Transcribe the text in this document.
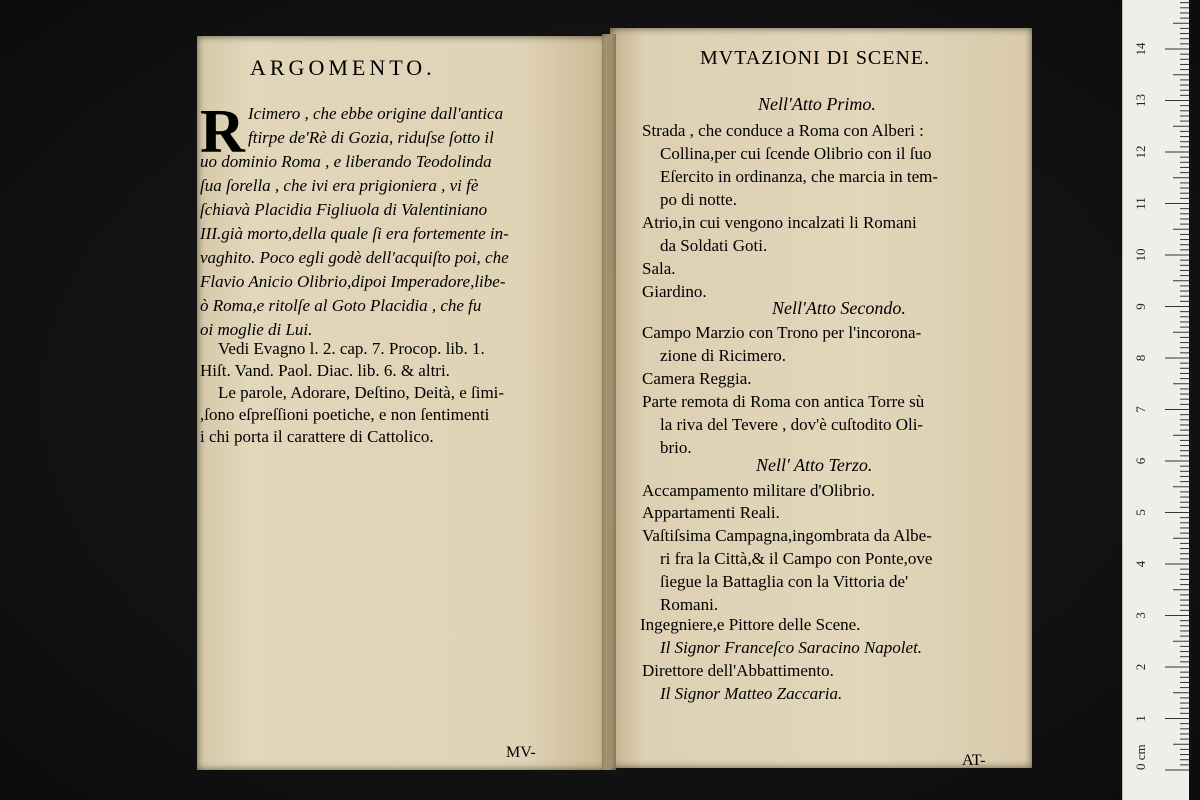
ARGOMENTO.
R Icimero , che ebbe origine dall'antica
ftirpe de'Rè di Gozia, riduſse ſotto il
uo dominio Roma , e liberando Teodolinda
ſua ſorella , che ivi era prigioniera , vi fè
ſchiavà Placidia Figliuola di Valentiniano
III.già morto,della quale ſi era fortemente in-
vaghito. Poco egli godè dell'acquiſto poi, che
Flavio Anicio Olibrio,dipoi Imperadore,libe-
ò Roma,e ritolſe al Goto Placidia , che fu
oi moglie di Lui.
Vedi Evagno l. 2. cap. 7. Procop. lib. 1.
Hiſt. Vand. Paol. Diac. lib. 6. & altri.
Le parole, Adorare, Deſtino, Deità, e ſimi-
,ſono eſpreſſioni poetiche, e non ſentimenti
i chi porta il carattere di Cattolico.
MV-
MVTAZIONI DI SCENE.
Nell'Atto Primo.
Strada , che conduce a Roma con Alberi :
Collina,per cui ſcende Olibrio con il ſuo
Eſercito in ordinanza, che marcia in tem-
po di notte.
Atrio,in cui vengono incalzati li Romani
da Soldati Goti.
Sala.
Giardino.
Nell'Atto Secondo.
Campo Marzio con Trono per l'incorona-
zione di Ricimero.
Camera Reggia.
Parte remota di Roma con antica Torre sù
la riva del Tevere , dov'è cuſtodito Oli-
brio.
Nell' Atto Terzo.
Accampamento militare d'Olibrio.
Appartamenti Reali.
Vaſtiſsima Campagna,ingombrata da Albe-
ri fra la Città,& il Campo con Ponte,ove
ſiegue la Battaglia con la Vittoria de'
Romani.
Ingegniere,e Pittore delle Scene.
Il Signor Franceſco Saracino Napolet.
Direttore dell'Abbattimento.
Il Signor Matteo Zaccaria.
AT-	0 cm
1
2
3
4
5
6
7
8
9
10
11
12
13
14
